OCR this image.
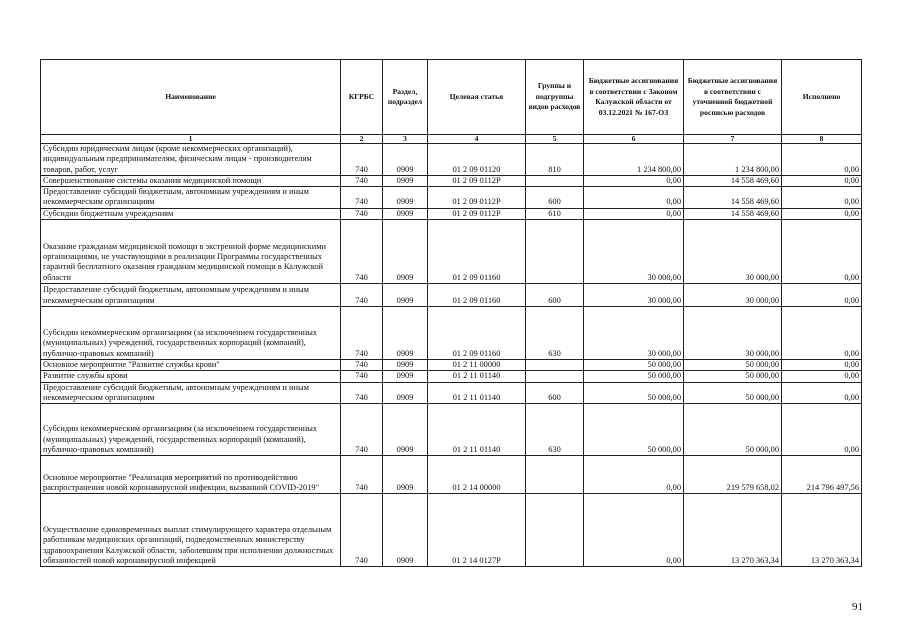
Наименование	КГРБС	Раздел, подраздел	Целевая статья	Группы и подгруппы видов расходов	Бюджетные ассигнования в соответствии с Законом Калужской области от 03.12.2021 № 167-ОЗ	Бюджетные ассигнования в соответствии с уточненной бюджетной росписью расходов	Исполнено
1	2	3	4	5	6	7	8
Субсидии юридическим лицам (кроме некоммерческих организаций), индивидуальным предпринимателям, физическим лицам - производителям товаров, работ, услуг	740	0909	01 2 09 01120	810	1 234 800,00	1 234 800,00	0,00
Совершенствование системы оказания медицинской помощи	740	0909	01 2 09 0112Р		0,00	14 558 469,60	0,00
Предоставление субсидий бюджетным, автономным учреждениям и иным некоммерческим организациям	740	0909	01 2 09 0112Р	600	0,00	14 558 469,60	0,00
Субсидии бюджетным учреждениям	740	0909	01 2 09 0112Р	610	0,00	14 558 469,60	0,00
Оказание гражданам медицинской помощи в экстренной форме медицинскими организациями, не участвующими в реализации Программы государственных гарантий бесплатного оказания гражданам медицинской помощи в Калужской области	740	0909	01 2 09 01160		30 000,00	30 000,00	0,00
Предоставление субсидий бюджетным, автономным учреждениям и иным некоммерческим организациям	740	0909	01 2 09 01160	600	30 000,00	30 000,00	0,00
Субсидии некоммерческим организациям (за исключением государственных (муниципальных) учреждений, государственных корпораций (компаний), публично-правовых компаний)	740	0909	01 2 09 01160	630	30 000,00	30 000,00	0,00
Основное мероприятие "Развитие службы крови"	740	0909	01 2 11 00000		50 000,00	50 000,00	0,00
Развитие службы крови	740	0909	01 2 11 01140		50 000,00	50 000,00	0,00
Предоставление субсидий бюджетным, автономным учреждениям и иным некоммерческим организациям	740	0909	01 2 11 01140	600	50 000,00	50 000,00	0,00
Субсидии некоммерческим организациям (за исключением государственных (муниципальных) учреждений, государственных корпораций (компаний), публично-правовых компаний)	740	0909	01 2 11 01140	630	50 000,00	50 000,00	0,00
Основное мероприятие "Реализация мероприятий по противодействию распространения новой коронавирусной инфекции, вызванной COVID-2019"	740	0909	01 2 14 00000		0,00	219 579 658,02	214 796 497,56
Осуществление единовременных выплат стимулирующего характера отдельным работникам медицинских организаций, подведомственных министерству здравоохранения Калужской области, заболевшим при исполнении должностных обязанностей новой коронавирусной инфекцией	740	0909	01 2 14 0127Р		0,00	13 270 363,34	13 270 363,34
91
